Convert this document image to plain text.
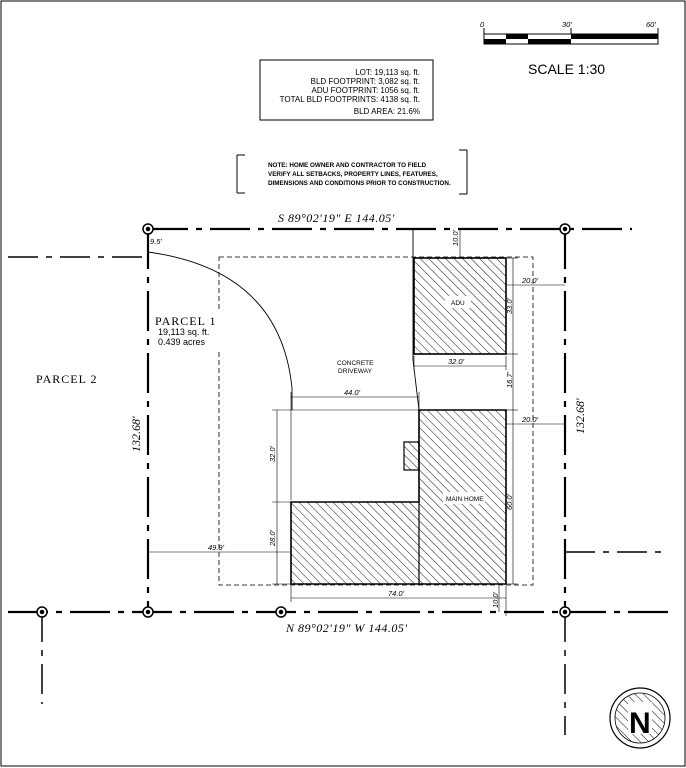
0	30'	60'
SCALE 1:30
LOT: 19,113 sq. ft.
BLD FOOTPRINT: 3,082 sq. ft.
ADU FOOTPRINT: 1056 sq. ft.
TOTAL BLD FOOTPRINTS: 4138 sq. ft.
BLD AREA: 21.6%
NOTE: HOME OWNER AND CONTRACTOR TO FIELD
VERIFY ALL SETBACKS, PROPERTY LINES, FEATURES,
DIMENSIONS AND CONDITIONS PRIOR TO CONSTRUCTION.
ADU
MAIN HOME
CONCRETE
DRIVEWAY
9.5'	10.0'
20.0'
33.0'
32.0'
16.7'
44.0'
20.0'
32.0'
60.0'
28.0'
49.9'
74.0'	10.0'
S 89°02'19" E 144.05'
N 89°02'19" W 144.05'
132.68'
132.68'
PARCEL 1
19,113 sq. ft.
0.439 acres
PARCEL 2
N
